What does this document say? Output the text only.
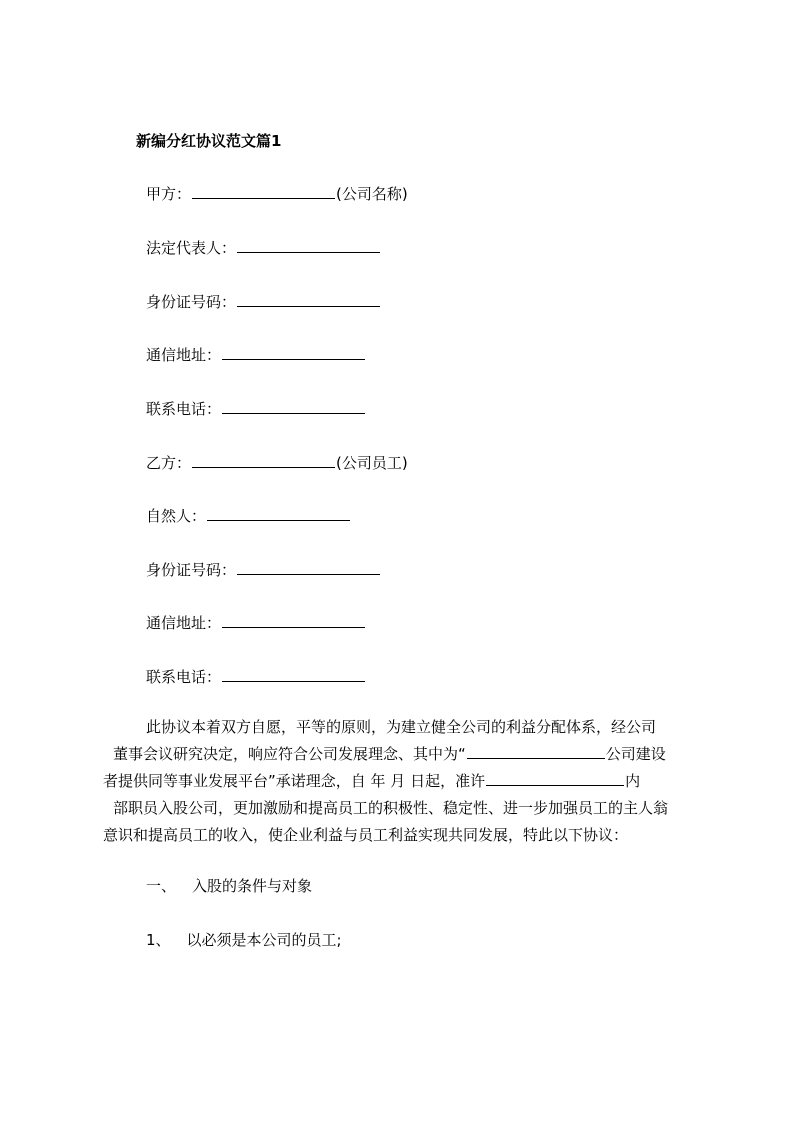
新编分红协议范文篇1
甲方：	(公司名称)
法定代表人：
身份证号码：
通信地址：
联系电话：
乙方：	(公司员工)
自然人：
身份证号码：
通信地址：
联系电话：
此协议本着双方自愿，平等的原则，为建立健全公司的利益分配体系，经公司
董事会议研究决定，响应符合公司发展理念、其中为“	公司建设
者提供同等事业发展平台”承诺理念，自 年 月 日起，准许	内
部职员入股公司，更加激励和提高员工的积极性、稳定性、进一步加强员工的主人翁
意识和提高员工的收入，使企业利益与员工利益实现共同发展，特此以下协议：
一、 入股的条件与对象
1、 以必须是本公司的员工;
